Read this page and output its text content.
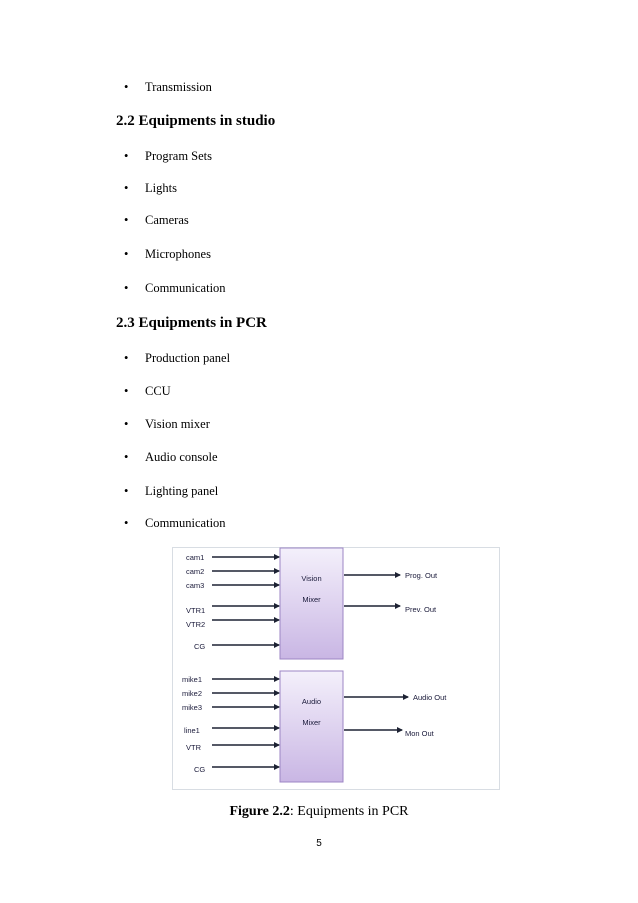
•	Transmission
2.2 Equipments in studio
•	Program Sets
•	Lights
•	Cameras
•	Microphones
•	Communication
2.3 Equipments in PCR
•	Production panel
•	CCU
•	Vision mixer
•	Audio console
•	Lighting panel
•	Communication
Vision
Mixer
Audio
Mixer
cam1
cam2
cam3
VTR1
VTR2
CG
Prog. Out
Prev. Out
mike1
mike2
mike3
line1
VTR
CG
Audio Out
Mon Out
Figure 2.2: Equipments in PCR
5
